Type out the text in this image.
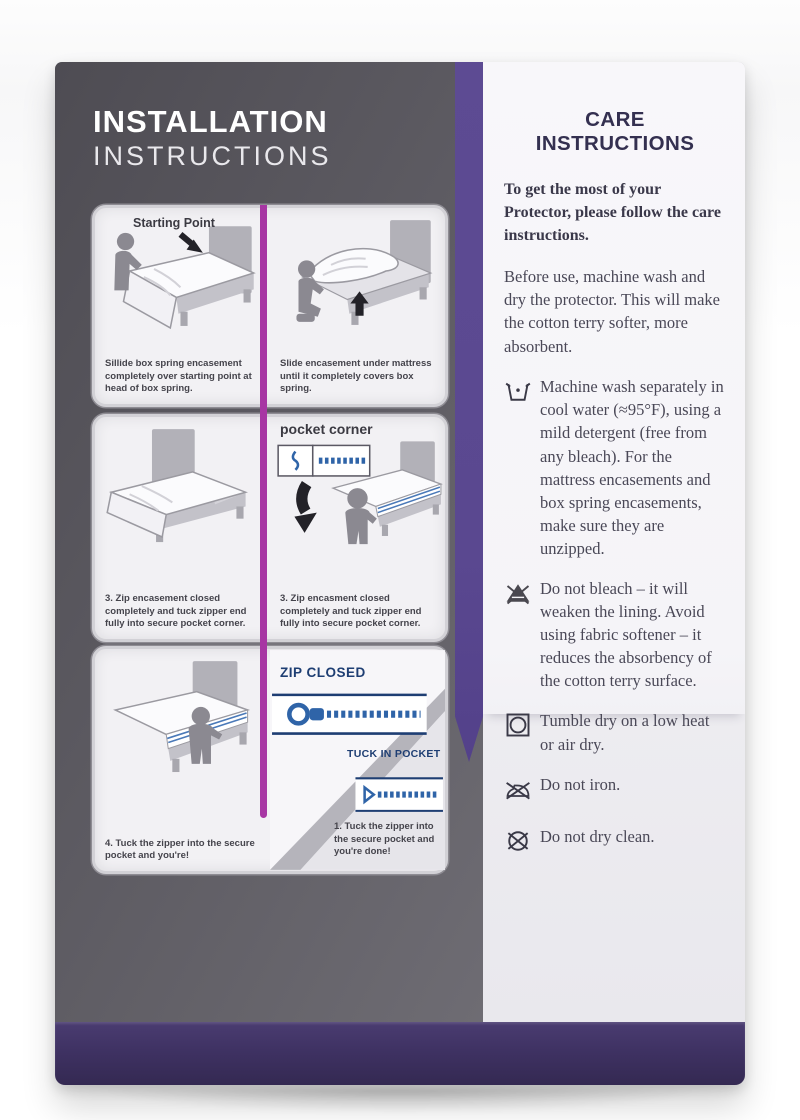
INSTALLATION
INSTRUCTIONS
Starting Point
Sillide box spring encasement completely over starting point at head of box spring.
Slide encasement under mattress until it completely covers box spring.
3. Zip encasement closed completely and tuck zipper end fully into secure pocket corner.
pocket corner
3. Zip encasment closed completely and tuck zipper end fully into secure pocket corner.
4. Tuck the zipper into the secure pocket and you're!
ZIP CLOSED
TUCK IN POCKET
1. Tuck the zipper into the secure pocket and you're done!
CARE INSTRUCTIONS

To get the most of your Protector, please follow the care instructions.

Before use, machine wash and dry the protector. This will make the cotton terry softer, more absorbent.

Machine wash separately in cool water (≈95°F), using a mild detergent (free from any bleach). For the mattress encasements and box spring encasements, make sure they are unzipped.

Do not bleach – it will weaken the lining. Avoid using fabric softener – it reduces the absorbency of the cotton terry surface.

Tumble dry on a low heat or air dry.

Do not iron.

Do not dry clean.
